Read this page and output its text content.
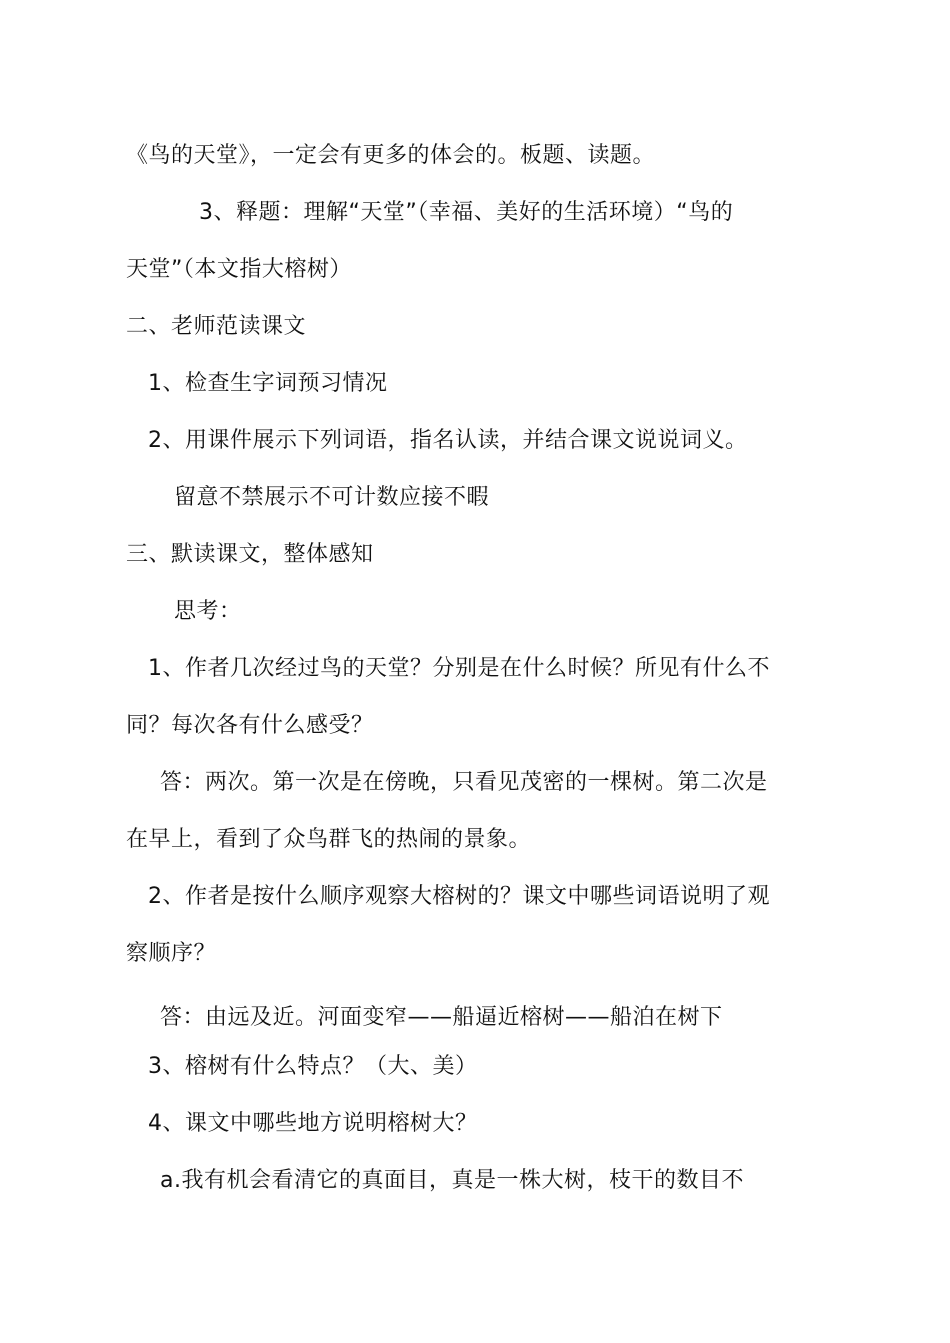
《鸟的天堂》，一定会有更多的体会的。板题、读题。
3、释题：理解“天堂”（幸福、美好的生活环境）“鸟的
天堂”（本文指大榕树）
二、老师范读课文
1、检查生字词预习情况
2、用课件展示下列词语，指名认读，并结合课文说说词义。
留意不禁展示不可计数应接不暇
三、默读课文，整体感知
思考：
1、作者几次经过鸟的天堂？分别是在什么时候？所见有什么不
同？每次各有什么感受？
答：两次。第一次是在傍晚，只看见茂密的一棵树。第二次是
在早上，看到了众鸟群飞的热闹的景象。
2、作者是按什么顺序观察大榕树的？课文中哪些词语说明了观
察顺序？
答：由远及近。河面变窄——船逼近榕树——船泊在树下
3、榕树有什么特点？（大、美）
4、课文中哪些地方说明榕树大？
a.我有机会看清它的真面目，真是一株大树，枝干的数目不
